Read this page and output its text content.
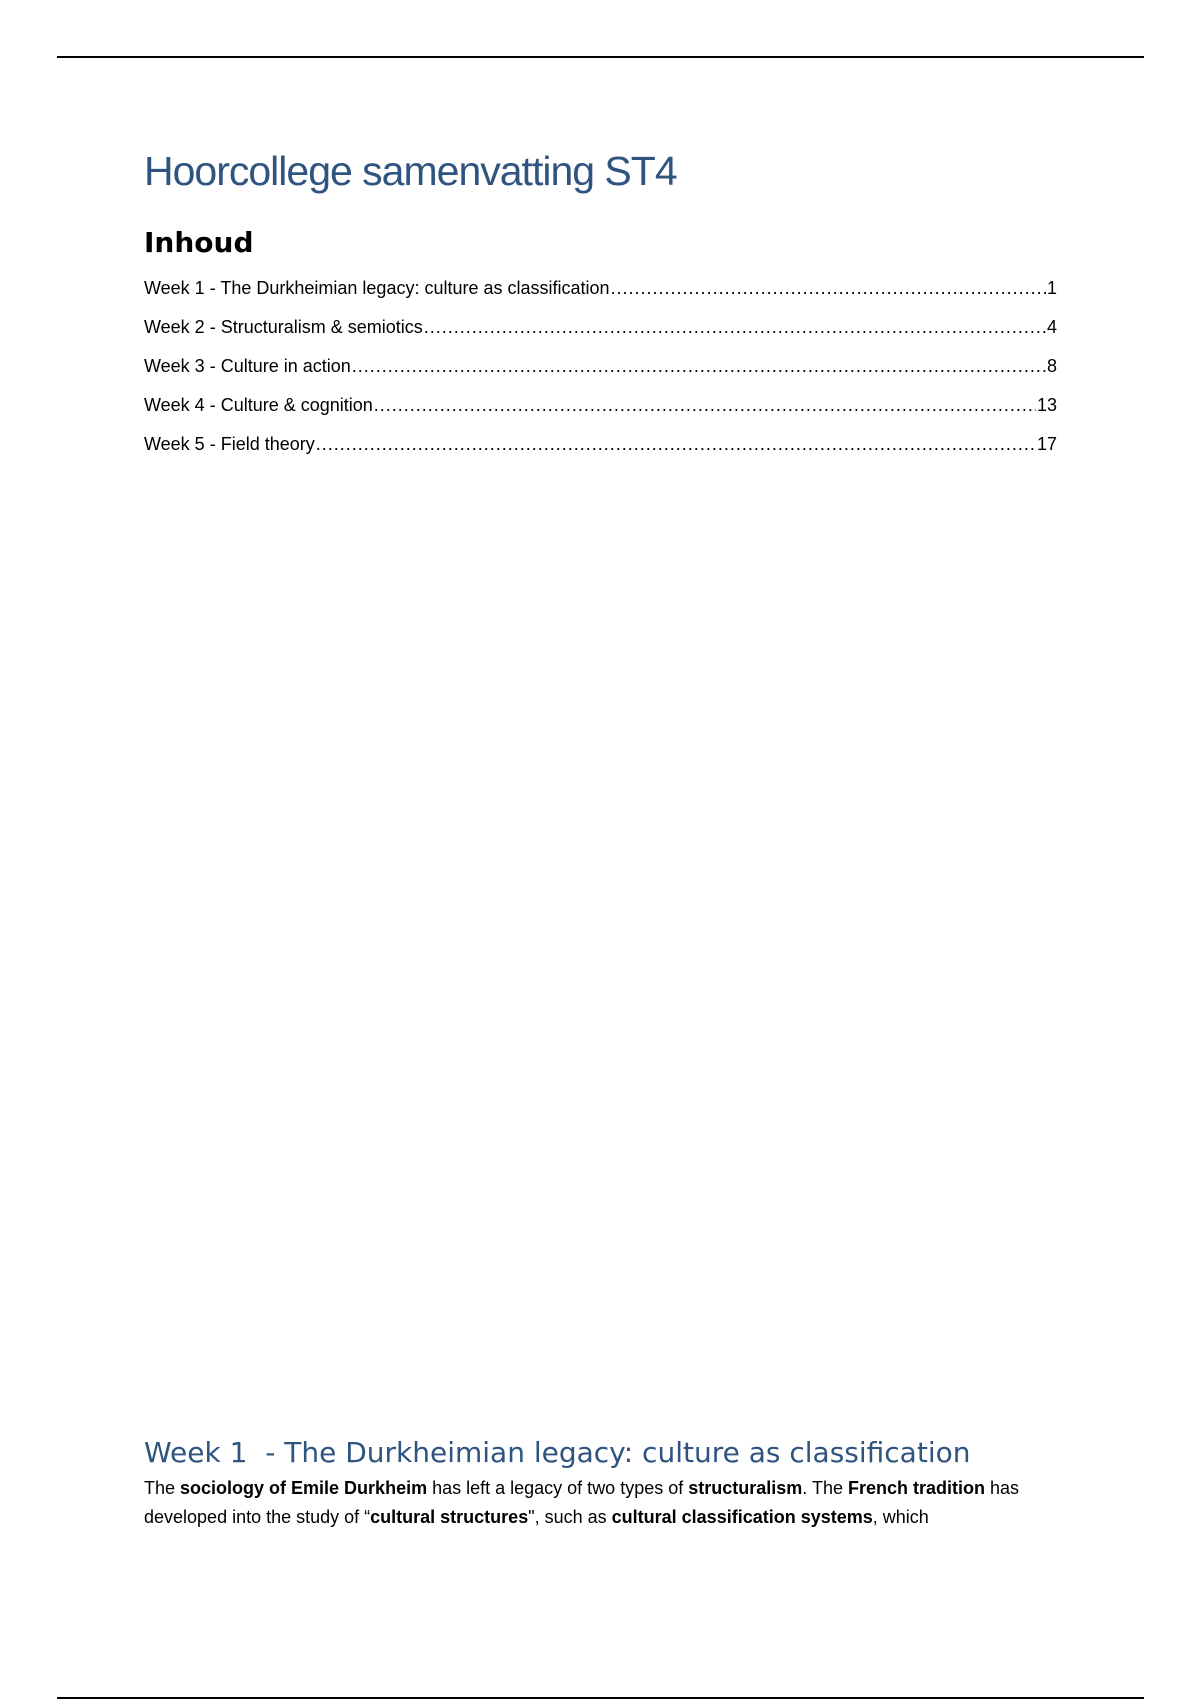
Hoorcollege samenvatting ST4
Inhoud
Week 1 - The Durkheimian legacy: culture as classification .....	1
Week 2 - Structuralism & semiotics .....	4
Week 3 - Culture in action .....	8
Week 4 - Culture & cognition .....	13
Week 5 - Field theory .....	17
Week 1  - The Durkheimian legacy: culture as classification

The sociology of Emile Durkheim has left a legacy of two types of structuralism. The French tradition has developed into the study of “cultural structures", such as cultural classification systems, which
